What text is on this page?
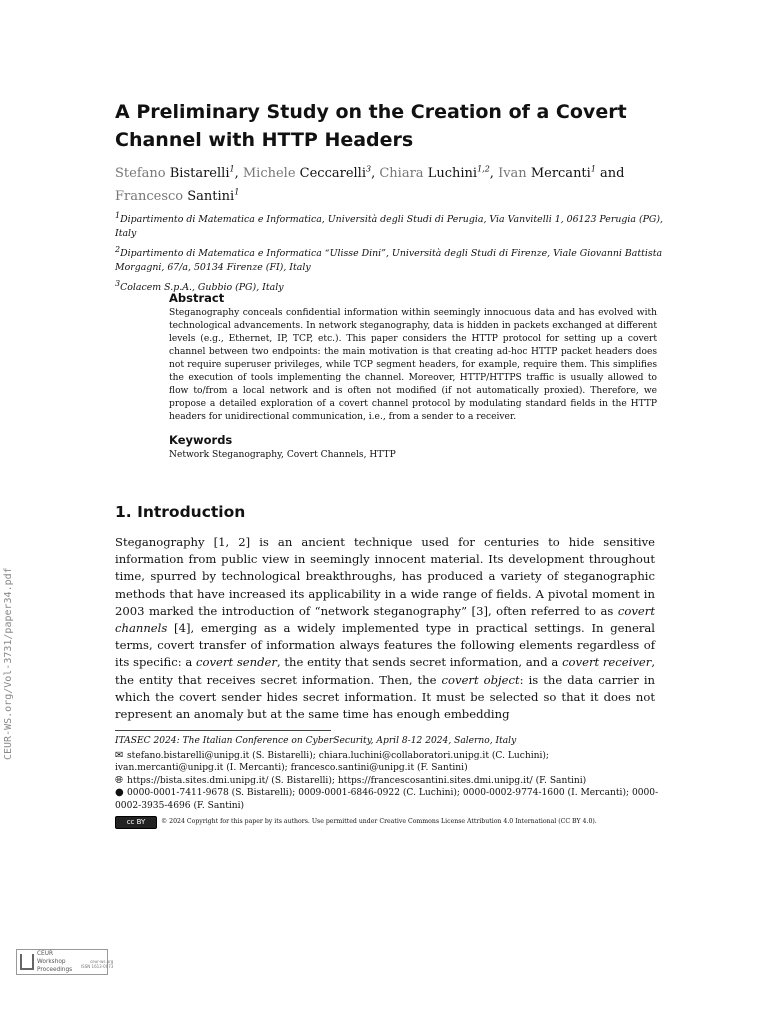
A Preliminary Study on the Creation of a Covert
Channel with HTTP Headers
Stefano Bistarelli$^1$, Michele Ceccarelli$^3$, Chiara Luchini$^{1,2}$, Ivan Mercanti$^1$ and Francesco Santini$^1$
1Dipartimento di Matematica e Informatica, Università degli Studi di Perugia, Via Vanvitelli 1, 06123 Perugia (PG), Italy
2Dipartimento di Matematica e Informatica “Ulisse Dini”, Università degli Studi di Firenze, Viale Giovanni Battista Morgagni, 67/a, 50134 Firenze (FI), Italy
3Colacem S.p.A., Gubbio (PG), Italy

Abstract

Steganography conceals confidential information within seemingly innocuous data and has evolved with technological advancements. In network steganography, data is hidden in packets exchanged at different levels (e.g., Ethernet, IP, TCP, etc.). This paper considers the HTTP protocol for setting up a covert channel between two endpoints: the main motivation is that creating ad-hoc HTTP packet headers does not require superuser privileges, while TCP segment headers, for example, require them. This simplifies the execution of tools implementing the channel. Moreover, HTTP/HTTPS traffic is usually allowed to flow to/from a local network and is often not modified (if not automatically proxied). Therefore, we propose a detailed exploration of a covert channel protocol by modulating standard fields in the HTTP headers for unidirectional communication, i.e., from a sender to a receiver.

Keywords

Network Steganography, Covert Channels, HTTP

1. Introduction
Steganography [1, 2] is an ancient technique used for centuries to hide sensitive information from public view in seemingly innocent material. Its development throughout time, spurred by technological breakthroughs, has produced a variety of steganographic methods that have increased its applicability in a wide range of fields. A pivotal moment in 2003 marked the introduction of “network steganography” [3], often referred to as covert channels [4], emerging as a widely implemented type in practical settings. In general terms, covert transfer of information always features the following elements regardless of its specific: a covert sender, the entity that sends secret information, and a covert receiver, the entity that receives secret information. Then, the covert object: is the data carrier in which the covert sender hides secret information. It must be selected so that it does not represent an anomaly but at the same time has enough embedding
ITASEC 2024: The Italian Conference on CyberSecurity, April 8-12 2024, Salerno, Italy
✉ stefano.bistarelli@unipg.it (S. Bistarelli); chiara.luchini@collaboratori.unipg.it (C. Luchini); ivan.mercanti@unipg.it (I. Mercanti); francesco.santini@unipg.it (F. Santini)
🌐︎ https://bista.sites.dmi.unipg.it/ (S. Bistarelli); https://francescosantini.sites.dmi.unipg.it/ (F. Santini)
● 0000-0001-7411-9678 (S. Bistarelli); 0009-0001-6846-0922 (C. Luchini); 0000-0002-9774-1600 (I. Mercanti); 0000-0002-3935-4696 (F. Santini)
cc BY	© 2024 Copyright for this paper by its authors. Use permitted under Creative Commons License Attribution 4.0 International (CC BY 4.0).
CEUR-WS.org/Vol-3731/paper34.pdf
CEUR
Workshop
Proceedings
ceur-ws.org
ISSN 1613-0073
